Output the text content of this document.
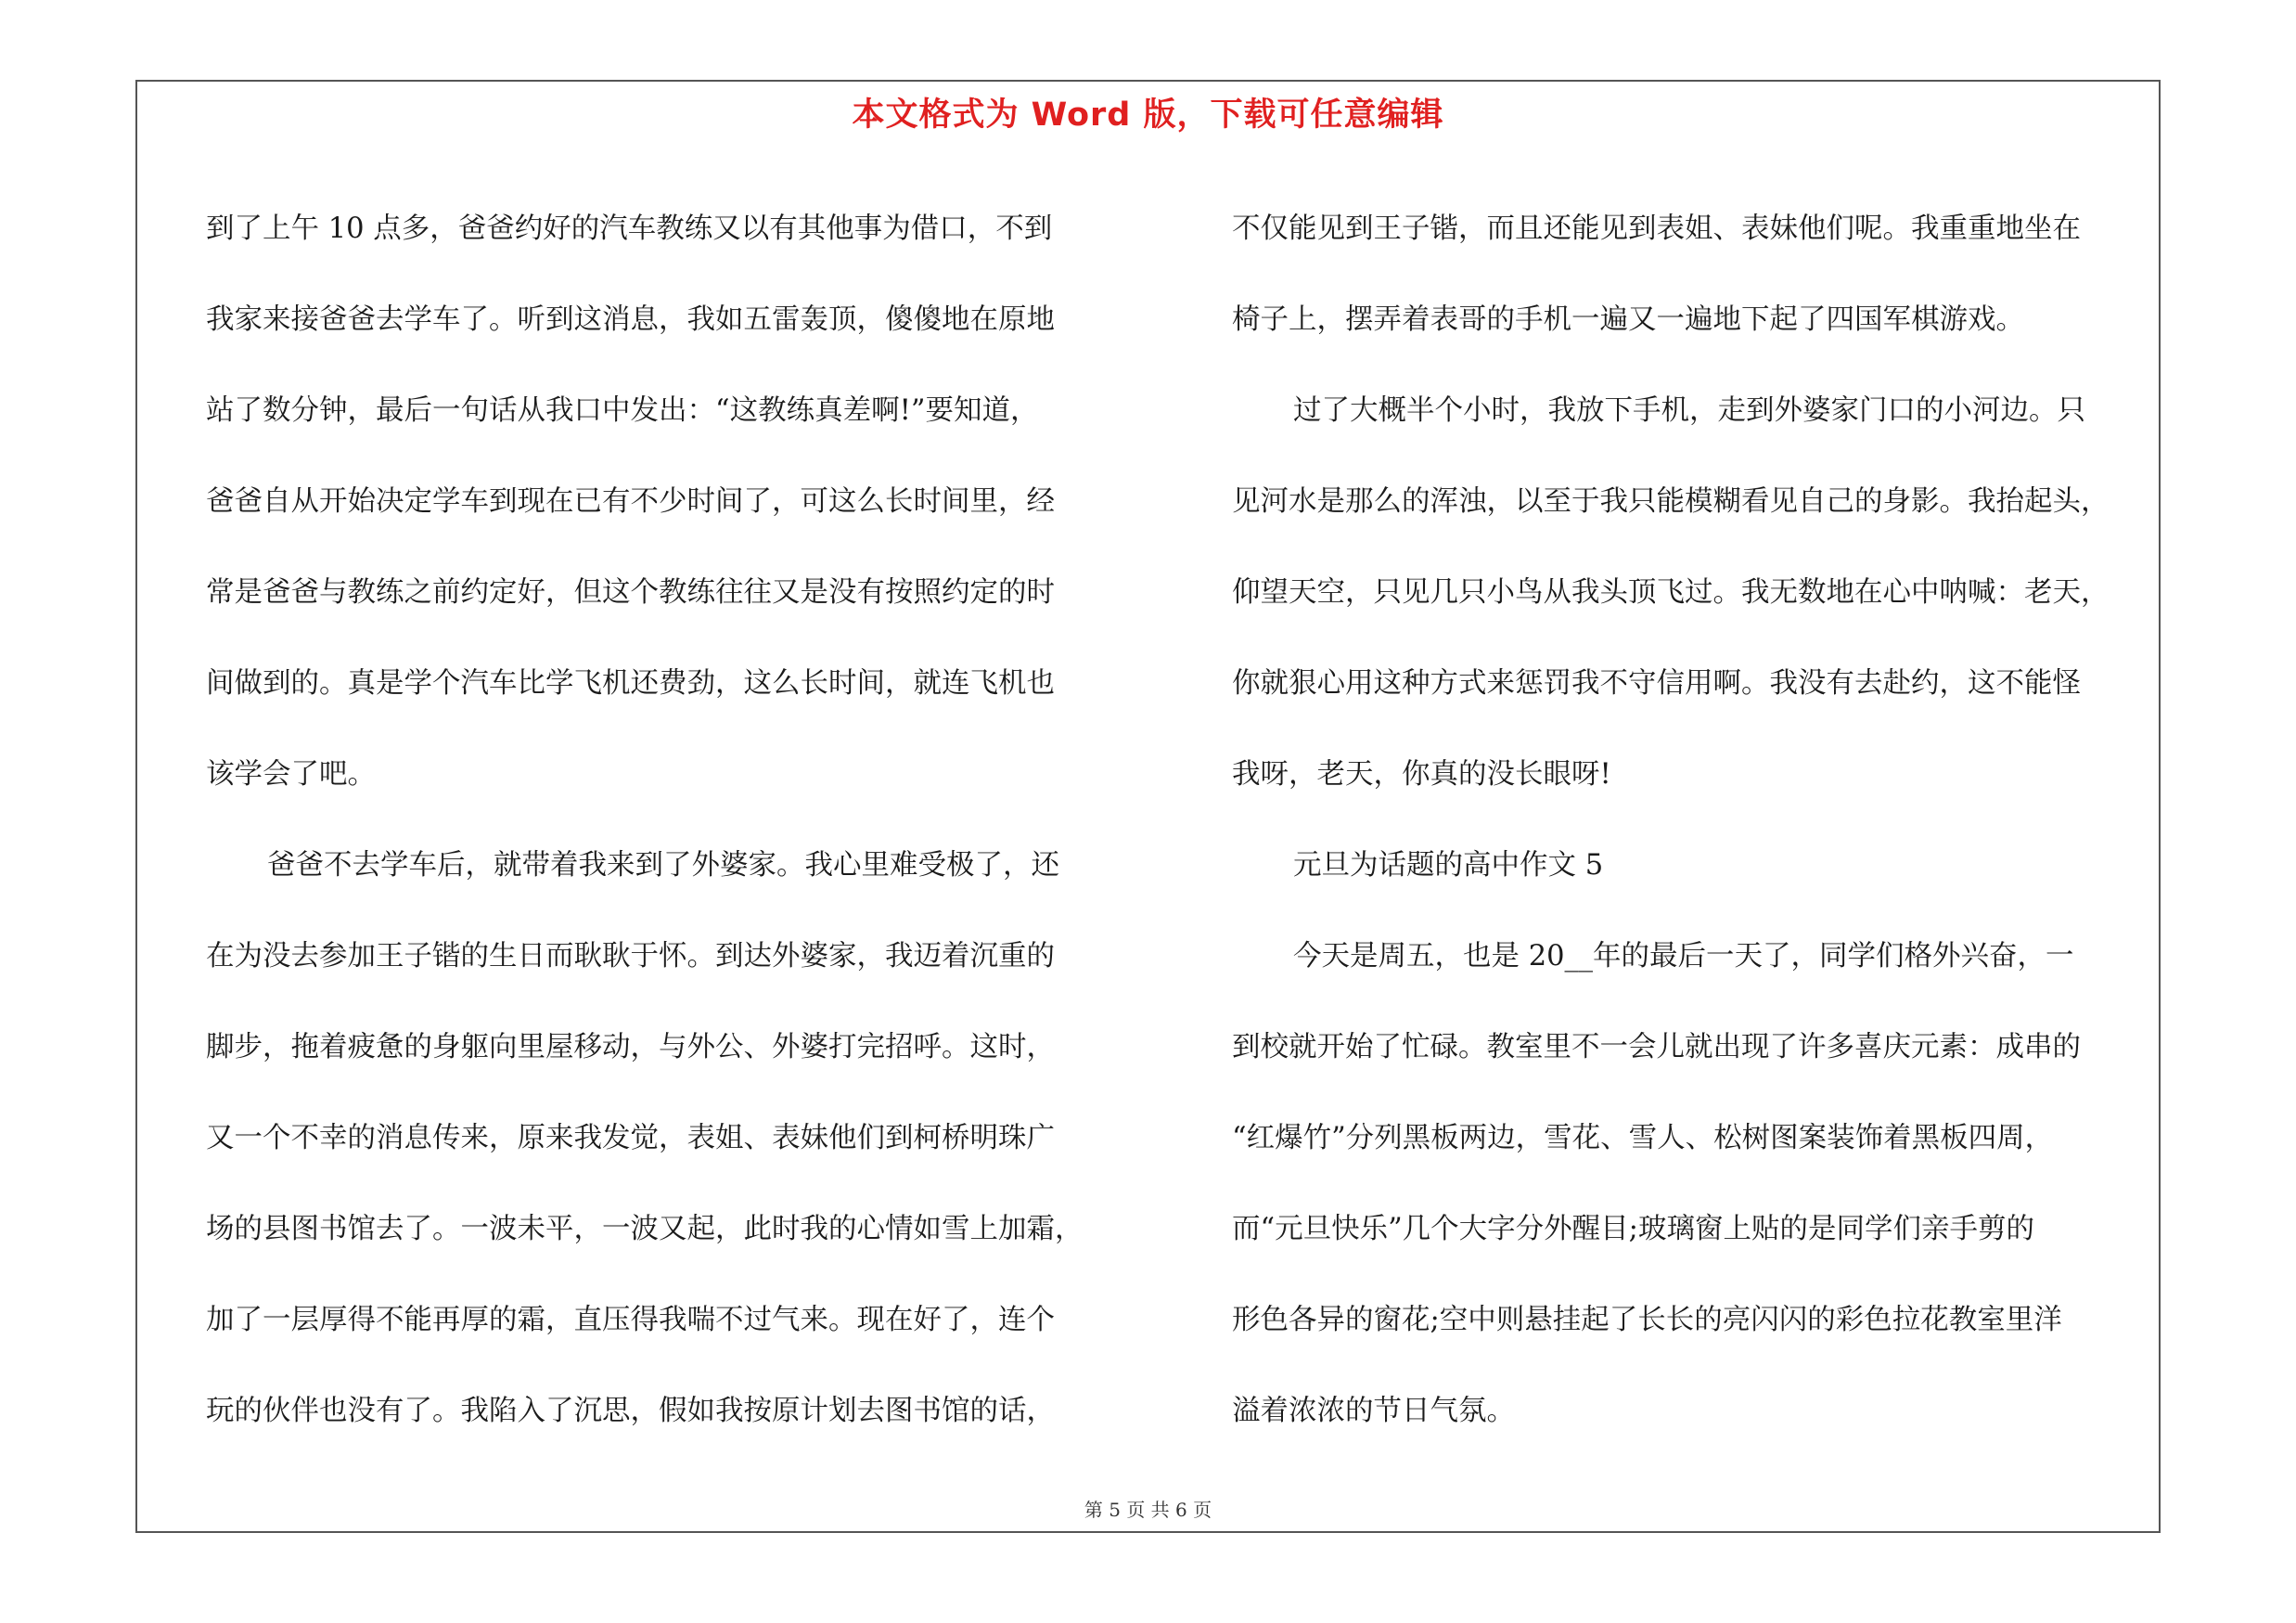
本文格式为 Word 版，下载可任意编辑

到了上午 10 点多，爸爸约好的汽车教练又以有其他事为借口，不到
我家来接爸爸去学车了。听到这消息，我如五雷轰顶，傻傻地在原地
站了数分钟，最后一句话从我口中发出：“这教练真差啊!”要知道，
爸爸自从开始决定学车到现在已有不少时间了，可这么长时间里，经
常是爸爸与教练之前约定好，但这个教练往往又是没有按照约定的时
间做到的。真是学个汽车比学飞机还费劲，这么长时间，就连飞机也
该学会了吧。

爸爸不去学车后，就带着我来到了外婆家。我心里难受极了，还
在为没去参加王子锴的生日而耿耿于怀。到达外婆家，我迈着沉重的
脚步，拖着疲惫的身躯向里屋移动，与外公、外婆打完招呼。这时，
又一个不幸的消息传来，原来我发觉，表姐、表妹他们到柯桥明珠广
场的县图书馆去了。一波未平，一波又起，此时我的心情如雪上加霜，
加了一层厚得不能再厚的霜，直压得我喘不过气来。现在好了，连个
玩的伙伴也没有了。我陷入了沉思，假如我按原计划去图书馆的话，

不仅能见到王子锴，而且还能见到表姐、表妹他们呢。我重重地坐在
椅子上，摆弄着表哥的手机一遍又一遍地下起了四国军棋游戏。

过了大概半个小时，我放下手机，走到外婆家门口的小河边。只
见河水是那么的浑浊，以至于我只能模糊看见自己的身影。我抬起头，
仰望天空，只见几只小鸟从我头顶飞过。我无数地在心中呐喊：老天，
你就狠心用这种方式来惩罚我不守信用啊。我没有去赴约，这不能怪
我呀，老天，你真的没长眼呀!

元旦为话题的高中作文 5

今天是周五，也是 20__年的最后一天了，同学们格外兴奋，一
到校就开始了忙碌。教室里不一会儿就出现了许多喜庆元素：成串的
“红爆竹”分列黑板两边，雪花、雪人、松树图案装饰着黑板四周，
而“元旦快乐”几个大字分外醒目;玻璃窗上贴的是同学们亲手剪的
形色各异的窗花;空中则悬挂起了长长的亮闪闪的彩色拉花教室里洋
溢着浓浓的节日气氛。

第 5 页 共 6 页
